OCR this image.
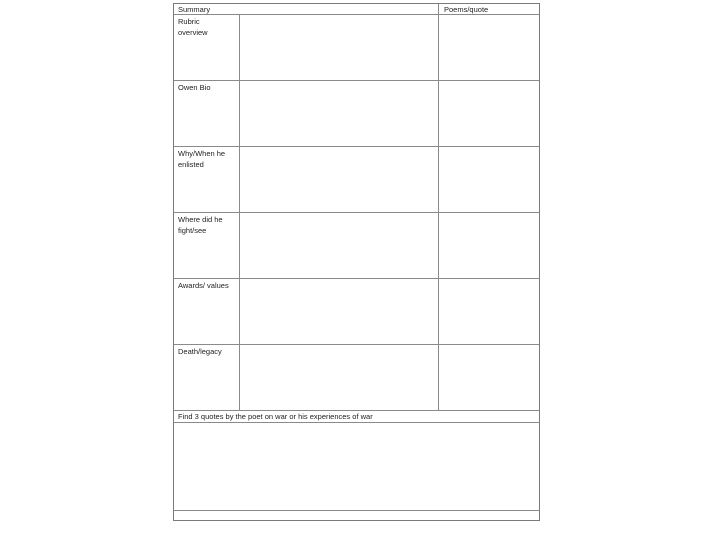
Summary	Poems/quote
Rubric
overview
Owen Bio
Why/When he
enlisted
Where did he
fight/see
Awards/ values
Death/legacy
Find 3 quotes by the poet on war or his experiences of war
